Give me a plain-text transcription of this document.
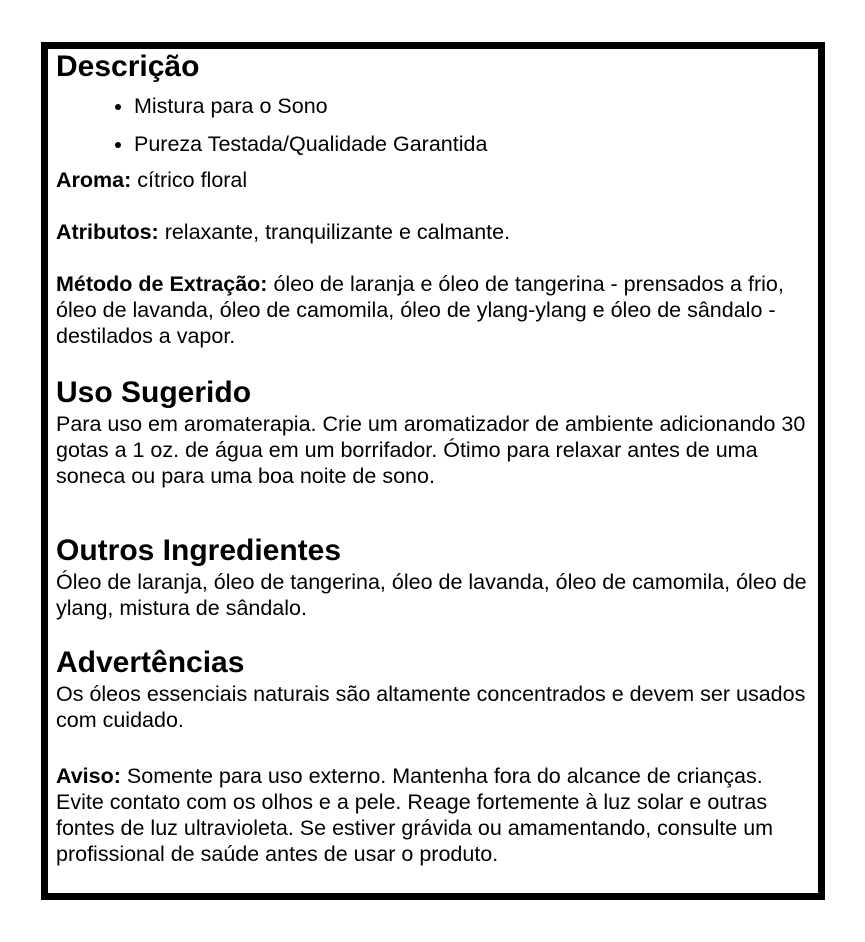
Descrição
• Mistura para o Sono
• Pureza Testada/Qualidade Garantida

Aroma: cítrico floral

Atributos: relaxante, tranquilizante e calmante.

Método de Extração: óleo de laranja e óleo de tangerina - prensados a frio, óleo de lavanda, óleo de camomila, óleo de ylang-ylang e óleo de sândalo - destilados a vapor.

Uso Sugerido

Para uso em aromaterapia. Crie um aromatizador de ambiente adicionando 30 gotas a 1 oz. de água em um borrifador. Ótimo para relaxar antes de uma soneca ou para uma boa noite de sono.

Outros Ingredientes

Óleo de laranja, óleo de tangerina, óleo de lavanda, óleo de camomila, óleo de ylang, mistura de sândalo.

Advertências

Os óleos essenciais naturais são altamente concentrados e devem ser usados com cuidado.

Aviso: Somente para uso externo. Mantenha fora do alcance de crianças. Evite contato com os olhos e a pele. Reage fortemente à luz solar e outras fontes de luz ultravioleta. Se estiver grávida ou amamentando, consulte um profissional de saúde antes de usar o produto.
